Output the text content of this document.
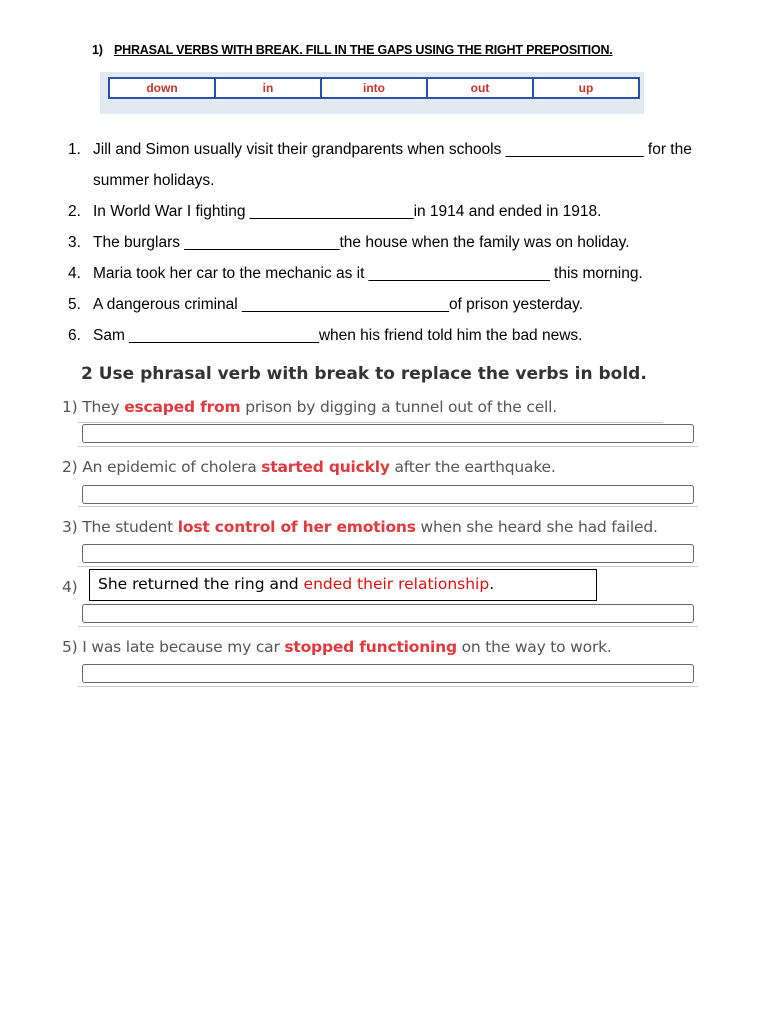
1) PHRASAL VERBS WITH BREAK. FILL IN THE GAPS USING THE RIGHT PREPOSITION.
down	in	into	out	up
1. Jill and Simon usually visit their grandparents when schools ________________ for the summer holidays.
2. In World War I fighting ___________________in 1914 and ended in 1918.
3. The burglars __________________the house when the family was on holiday.
4. Maria took her car to the mechanic as it _____________________ this morning.
5. A dangerous criminal ________________________of prison yesterday.
6. Sam ______________________when his friend told him the bad news.
2 Use phrasal verb with break to replace the verbs in bold.
1) They escaped from prison by digging a tunnel out of the cell.
2) An epidemic of cholera started quickly after the earthquake.
3) The student lost control of her emotions when she heard she had failed.
4)
5) I was late because my car stopped functioning on the way to work.
She returned the ring and ended their relationship.
